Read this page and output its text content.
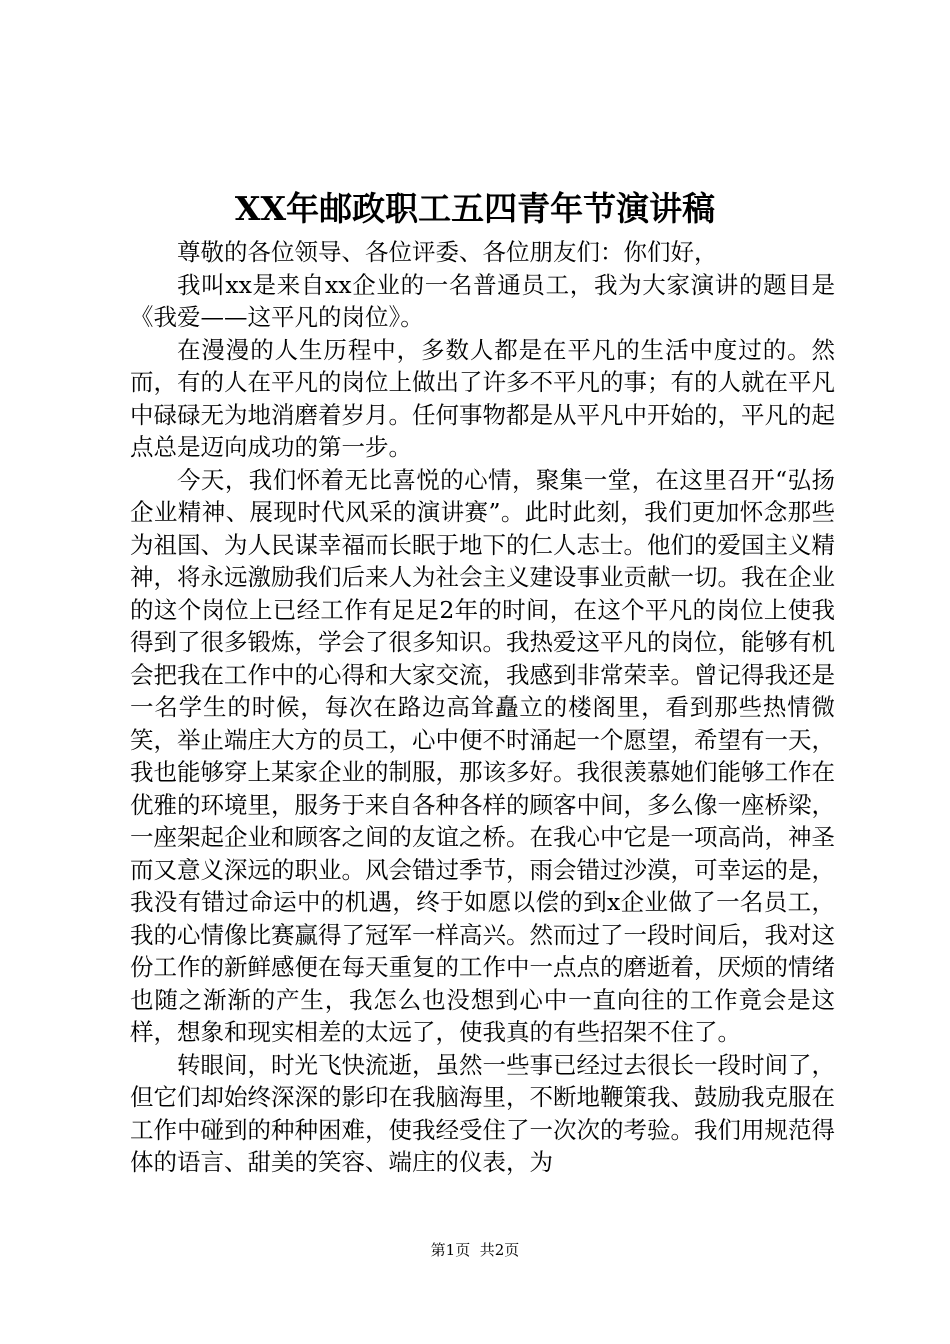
XX年邮政职工五四青年节演讲稿

尊敬的各位领导、各位评委、各位朋友们：你们好，

我叫xx是来自xx企业的一名普通员工，我为大家演讲的题目是《我爱——这平凡的岗位》。

在漫漫的人生历程中，多数人都是在平凡的生活中度过的。然而，有的人在平凡的岗位上做出了许多不平凡的事；有的人就在平凡中碌碌无为地消磨着岁月。任何事物都是从平凡中开始的，平凡的起点总是迈向成功的第一步。

今天，我们怀着无比喜悦的心情，聚集一堂，在这里召开“弘扬企业精神、展现时代风采的演讲赛”。此时此刻，我们更加怀念那些为祖国、为人民谋幸福而长眠于地下的仁人志士。他们的爱国主义精神，将永远激励我们后来人为社会主义建设事业贡献一切。我在企业的这个岗位上已经工作有足足2年的时间，在这个平凡的岗位上使我得到了很多锻炼，学会了很多知识。我热爱这平凡的岗位，能够有机会把我在工作中的心得和大家交流，我感到非常荣幸。曾记得我还是一名学生的时候，每次在路边高耸矗立的楼阁里，看到那些热情微笑，举止端庄大方的员工，心中便不时涌起一个愿望，希望有一天，我也能够穿上某家企业的制服，那该多好。我很羡慕她们能够工作在优雅的环境里，服务于来自各种各样的顾客中间，多么像一座桥梁，一座架起企业和顾客之间的友谊之桥。在我心中它是一项高尚，神圣而又意义深远的职业。风会错过季节，雨会错过沙漠，可幸运的是，我没有错过命运中的机遇，终于如愿以偿的到x企业做了一名员工，我的心情像比赛赢得了冠军一样高兴。然而过了一段时间后，我对这份工作的新鲜感便在每天重复的工作中一点点的磨逝着，厌烦的情绪也随之渐渐的产生，我怎么也没想到心中一直向往的工作竟会是这样，想象和现实相差的太远了，使我真的有些招架不住了。

转眼间，时光飞快流逝，虽然一些事已经过去很长一段时间了，但它们却始终深深的影印在我脑海里，不断地鞭策我、鼓励我克服在工作中碰到的种种困难，使我经受住了一次次的考验。我们用规范得体的语言、甜美的笑容、端庄的仪表，为

第1页 共2页
